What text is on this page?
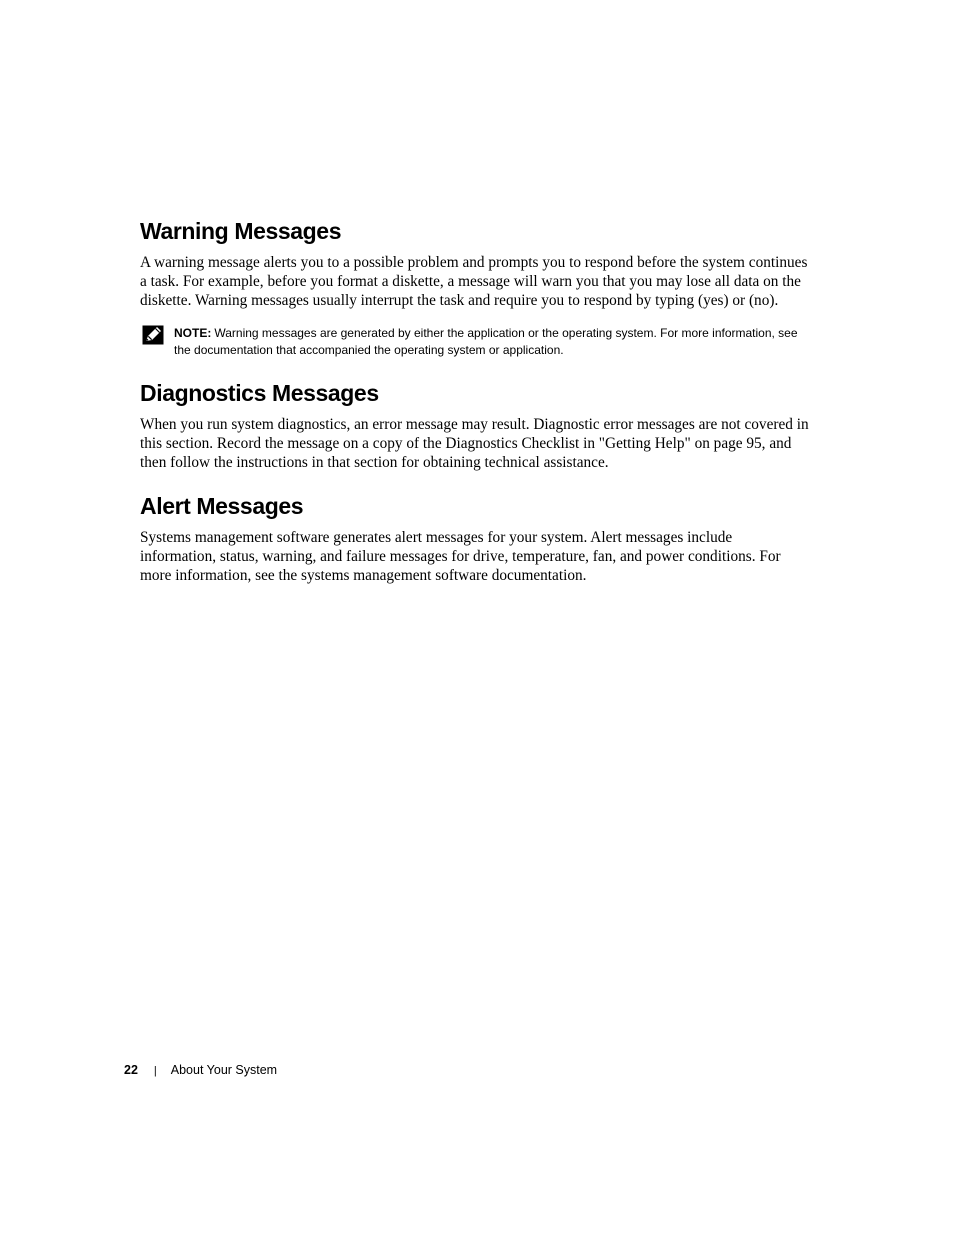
Warning Messages

A warning message alerts you to a possible problem and prompts you to respond before the system continues a task. For example, before you format a diskette, a message will warn you that you may lose all data on the diskette. Warning messages usually interrupt the task and require you to respond by typing (yes) or (no).

NOTE: Warning messages are generated by either the application or the operating system. For more information, see the documentation that accompanied the operating system or application.
Diagnostics Messages

When you run system diagnostics, an error message may result. Diagnostic error messages are not covered in this section. Record the message on a copy of the Diagnostics Checklist in "Getting Help" on page 95, and then follow the instructions in that section for obtaining technical assistance.

Alert Messages

Systems management software generates alert messages for your system. Alert messages include information, status, warning, and failure messages for drive, temperature, fan, and power conditions. For more information, see the systems management software documentation.

22 | About Your System
